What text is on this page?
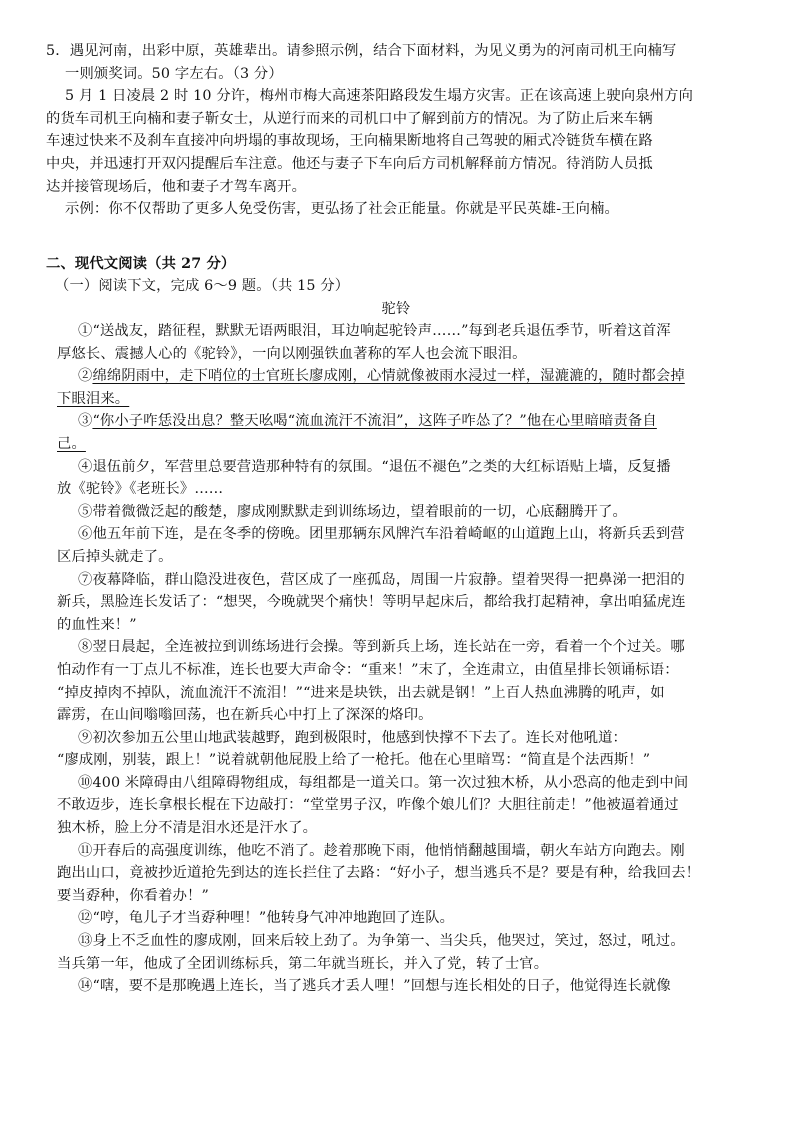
5．遇见河南，出彩中原，英雄辈出。请参照示例，结合下面材料，为见义勇为的河南司机王向楠写
一则颁奖词。50 字左右。（3 分）
5 月 1 日凌晨 2 时 10 分许，梅州市梅大高速茶阳路段发生塌方灾害。正在该高速上驶向泉州方向
的货车司机王向楠和妻子靳女士，从逆行而来的司机口中了解到前方的情况。为了防止后来车辆
车速过快来不及刹车直接冲向坍塌的事故现场，王向楠果断地将自己驾驶的厢式冷链货车横在路
中央，并迅速打开双闪提醒后车注意。他还与妻子下车向后方司机解释前方情况。待消防人员抵
达并接管现场后，他和妻子才驾车离开。
示例：你不仅帮助了更多人免受伤害，更弘扬了社会正能量。你就是平民英雄-王向楠。
二、现代文阅读（共 27 分）
（一）阅读下文，完成 6～9 题。（共 15 分）
驼铃
①“送战友，踏征程，默默无语两眼泪，耳边响起驼铃声……”每到老兵退伍季节，听着这首浑
厚悠长、震撼人心的《驼铃》，一向以刚强铁血著称的军人也会流下眼泪。
②绵绵阴雨中，走下哨位的士官班长廖成刚，心情就像被雨水浸过一样，湿漉漉的，随时都会掉
下眼泪来。
③“你小子咋恁没出息？整天吆喝“流血流汗不流泪”，这阵子咋怂了？”他在心里暗暗责备自
己。
④退伍前夕，军营里总要营造那种特有的氛围。“退伍不褪色”之类的大红标语贴上墙，反复播
放《驼铃》《老班长》……
⑤带着微微泛起的酸楚，廖成刚默默走到训练场边，望着眼前的一切，心底翻腾开了。
⑥他五年前下连，是在冬季的傍晚。团里那辆东风牌汽车沿着崎岖的山道跑上山，将新兵丢到营
区后掉头就走了。
⑦夜幕降临，群山隐没进夜色，营区成了一座孤岛，周围一片寂静。望着哭得一把鼻涕一把泪的
新兵，黑脸连长发话了：“想哭，今晚就哭个痛快！等明早起床后，都给我打起精神，拿出咱猛虎连
的血性来！”
⑧翌日晨起，全连被拉到训练场进行会操。等到新兵上场，连长站在一旁，看着一个个过关。哪
怕动作有一丁点儿不标准，连长也要大声命令：“重来！”末了，全连肃立，由值星排长领诵标语：
“掉皮掉肉不掉队，流血流汗不流泪！”“进来是块铁，出去就是钢！”上百人热血沸腾的吼声，如
霹雳，在山间嗡嗡回荡，也在新兵心中打上了深深的烙印。
⑨初次参加五公里山地武装越野，跑到极限时，他感到快撑不下去了。连长对他吼道：
“廖成刚，别装，跟上！”说着就朝他屁股上给了一枪托。他在心里暗骂：“简直是个法西斯！”
⑩400 米障碍由八组障碍物组成，每组都是一道关口。第一次过独木桥，从小恐高的他走到中间
不敢迈步，连长拿根长棍在下边敲打：“堂堂男子汉，咋像个娘儿们？大胆往前走！”他被逼着通过
独木桥，脸上分不清是泪水还是汗水了。
⑪开春后的高强度训练，他吃不消了。趁着那晚下雨，他悄悄翻越围墙，朝火车站方向跑去。刚
跑出山口，竟被抄近道抢先到达的连长拦住了去路：“好小子，想当逃兵不是？要是有种，给我回去！
要当孬种，你看着办！”
⑫“哼，龟儿子才当孬种哩！”他转身气冲冲地跑回了连队。
⑬身上不乏血性的廖成刚，回来后较上劲了。为争第一、当尖兵，他哭过，笑过，怒过，吼过。
当兵第一年，他成了全团训练标兵，第二年就当班长，并入了党，转了士官。
⑭“嗐，要不是那晚遇上连长，当了逃兵才丢人哩！”回想与连长相处的日子，他觉得连长就像
